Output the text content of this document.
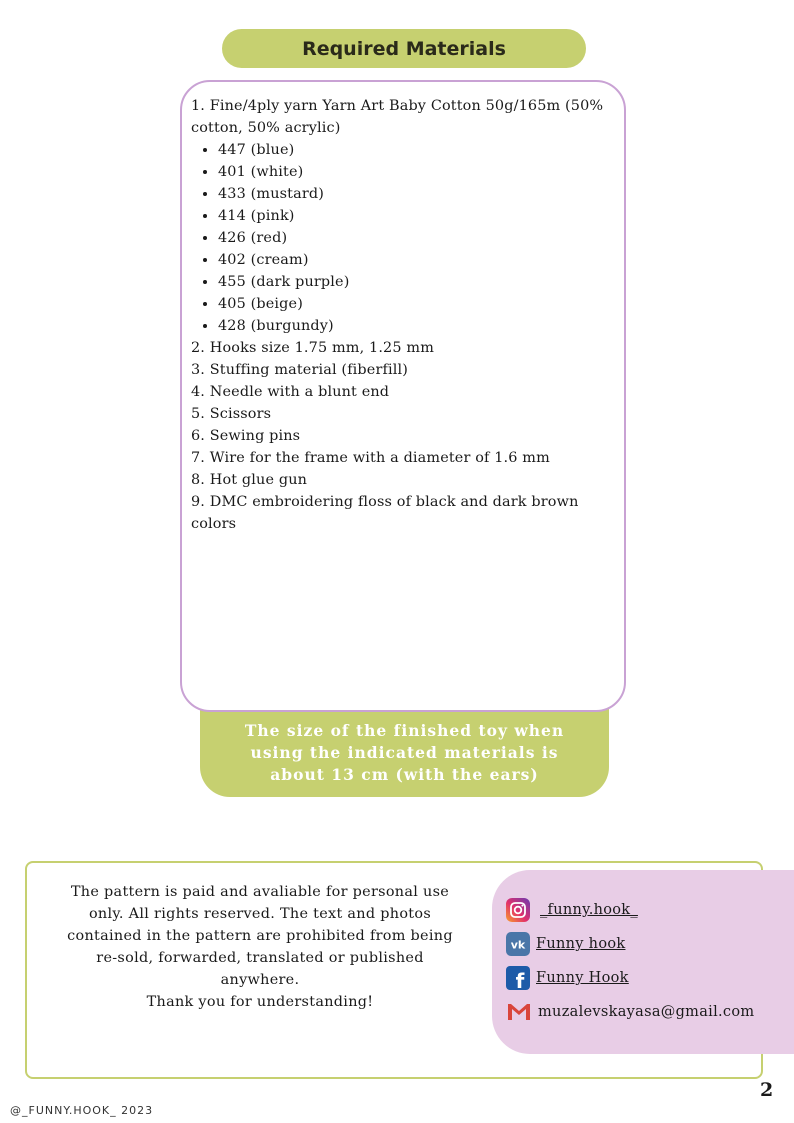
Required Materials
The size of the finished toy when using the indicated materials is about 13 cm (with the ears)

1. Fine/4ply yarn Yarn Art Baby Cotton 50g/165m (50% cotton, 50% acrylic)

• 447 (blue)
• 401 (white)
• 433 (mustard)
• 414 (pink)
• 426 (red)
• 402 (cream)
• 455 (dark purple)
• 405 (beige)
• 428 (burgundy)

2. Hooks size 1.75 mm, 1.25 mm

3. Stuffing material (fiberfill)

4. Needle with a blunt end

5. Scissors

6. Sewing pins

7. Wire for the frame with a diameter of 1.6 mm

8. Hot glue gun

9. DMC embroidering floss of black and dark brown colors

The pattern is paid and avaliable for personal use only. All rights reserved. The text and photos contained in the pattern are prohibited from being re-sold, forwarded, translated or published anywhere.
Thank you for understanding!
_funny.hook_
vk Funny hook
f Funny Hook
muzalevskayasa@gmail.com
@_FUNNY.HOOK_ 2023
2
